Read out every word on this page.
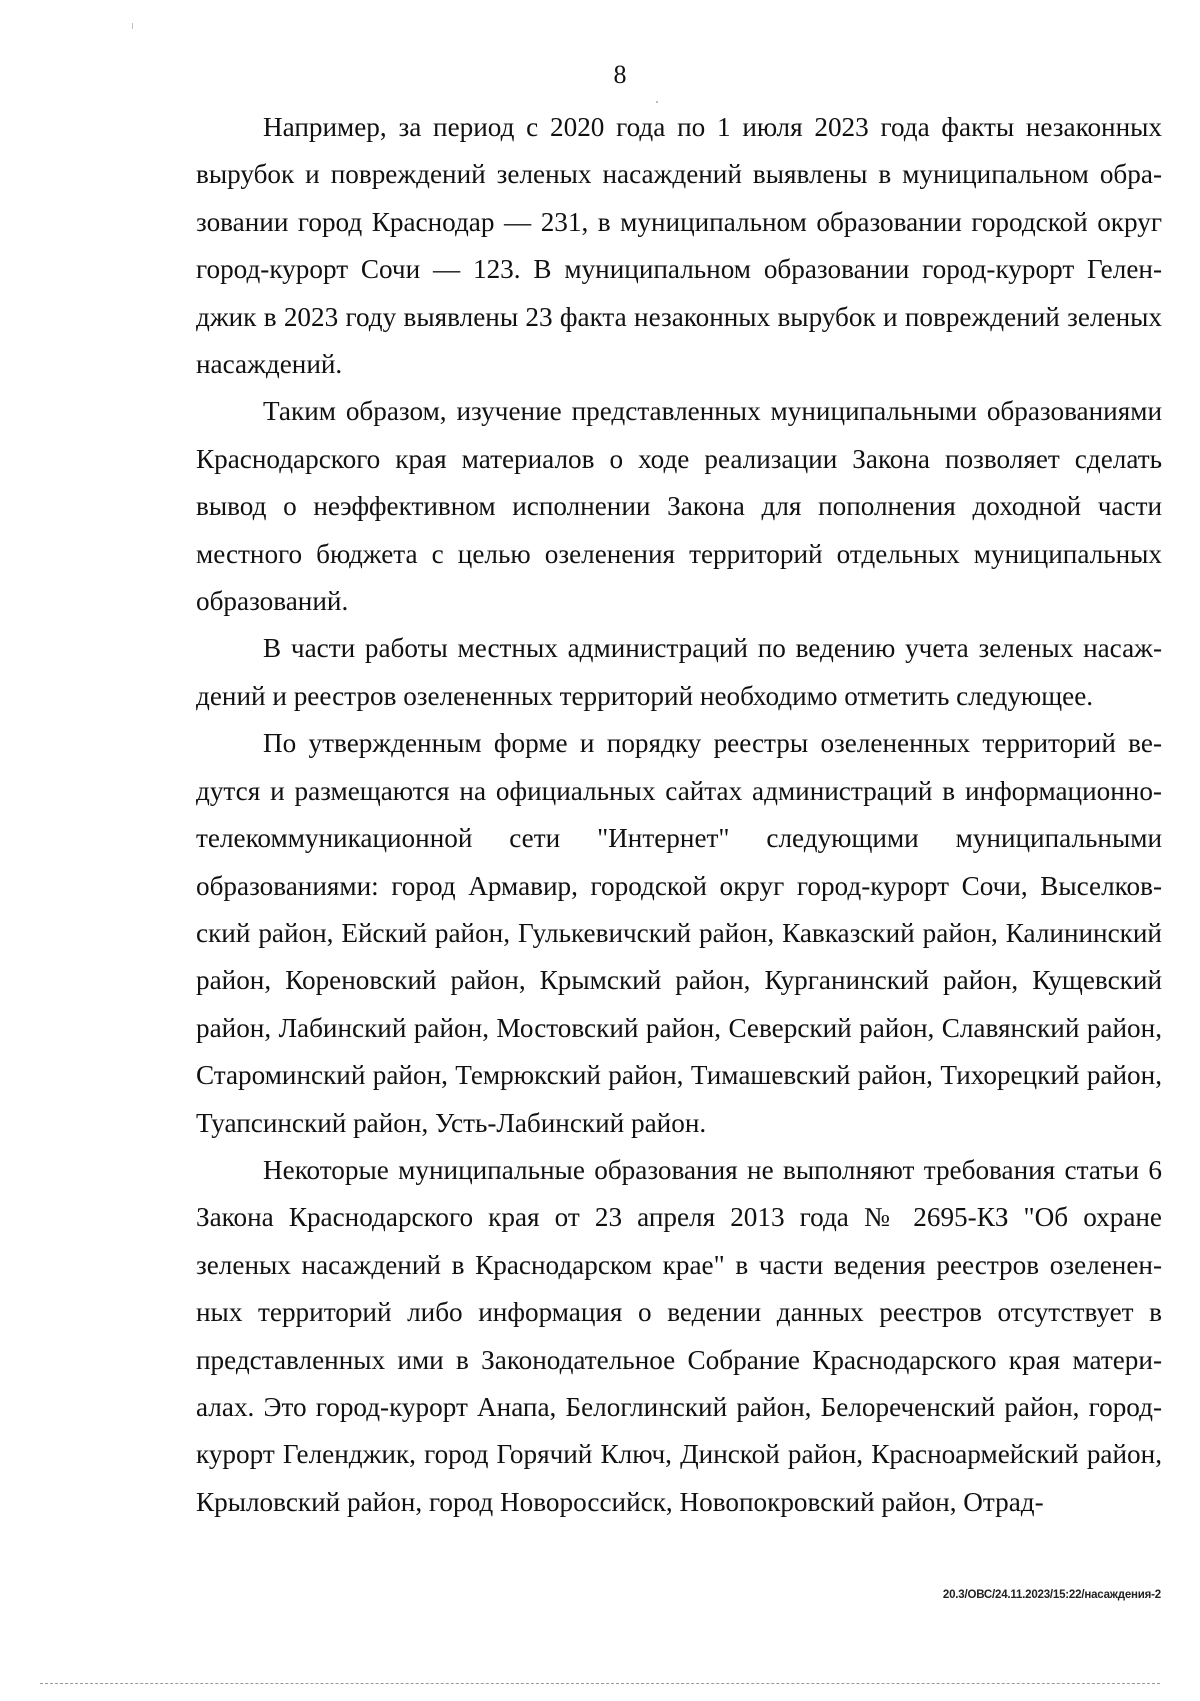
8

Например, за период с 2020 года по 1 июля 2023 года факты незаконных вырубок и повреждений зеленых насаждений выявлены в муниципальном образовании город Краснодар — 231, в муниципальном образовании городской округ город-курорт Сочи — 123. В муниципальном образовании город-курорт Геленджик в 2023 году выявлены 23 факта незаконных вырубок и повреждений зеленых насаждений.

Таким образом, изучение представленных муниципальными образованиями Краснодарского края материалов о ходе реализации Закона позволяет сделать вывод о неэффективном исполнении Закона для пополнения доходной части местного бюджета с целью озеленения территорий отдельных муниципальных образований.

В части работы местных администраций по ведению учета зеленых насаждений и реестров озелененных территорий необходимо отметить следующее.

По утвержденным форме и порядку реестры озелененных территорий ведутся и размещаются на официальных сайтах администраций в информационно-телекоммуникационной сети "Интернет" следующими муниципальными образованиями: город Армавир, городской округ город-курорт Сочи, Выселковский район, Ейский район, Гулькевичский район, Кавказский район, Калининский район, Кореновский район, Крымский район, Курганинский район, Кущевский район, Лабинский район, Мостовский район, Северский район, Славянский район, Староминский район, Темрюкский район, Тимашевский район, Тихорецкий район, Туапсинский район, Усть-Лабинский район.

Некоторые муниципальные образования не выполняют требования статьи 6 Закона Краснодарского края от 23 апреля 2013 года № 2695-КЗ "Об охране зеленых насаждений в Краснодарском крае" в части ведения реестров озелененных территорий либо информация о ведении данных реестров отсутствует в представленных ими в Законодательное Собрание Краснодарского края материалах. Это город-курорт Анапа, Белоглинский район, Белореченский район, город-курорт Геленджик, город Горячий Ключ, Динской район, Красноармейский район, Крыловский район, город Новороссийск, Новопокровский район, Отрад-

20.3/ОВС/24.11.2023/15:22/насаждения-2
